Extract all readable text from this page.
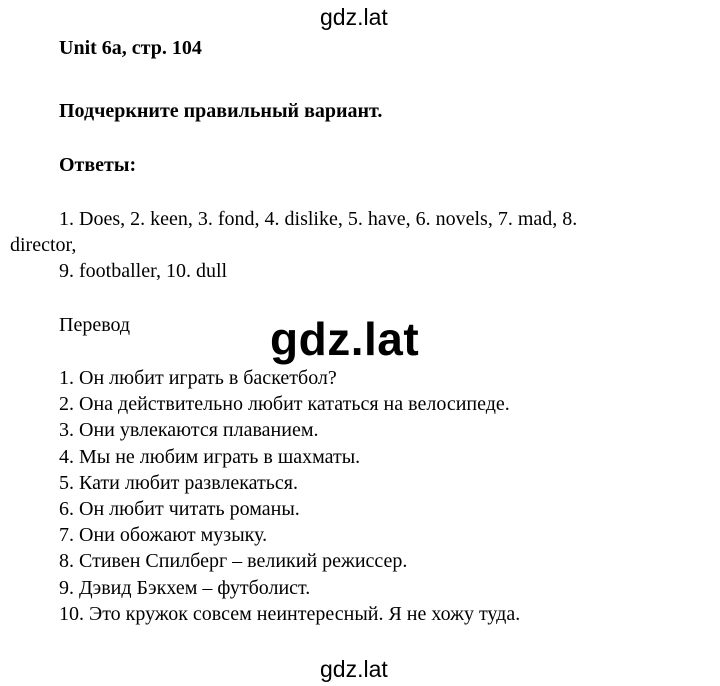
gdz.lat
Unit 6a, стр. 104
Подчеркните правильный вариант.
Ответы:
1. Does, 2. keen, 3. fond, 4. dislike, 5. have, 6. novels, 7. mad, 8.
director,
9. footballer, 10. dull
Перевод	gdz.lat
1. Он любит играть в баскетбол?
2. Она действительно любит кататься на велосипеде.
3. Они увлекаются плаванием.
4. Мы не любим играть в шахматы.
5. Кати любит развлекаться.
6. Он любит читать романы.
7. Они обожают музыку.
8. Стивен Спилберг – великий режиссер.
9. Дэвид Бэкхем – футболист.
10. Это кружок совсем неинтересный. Я не хожу туда.
gdz.lat
